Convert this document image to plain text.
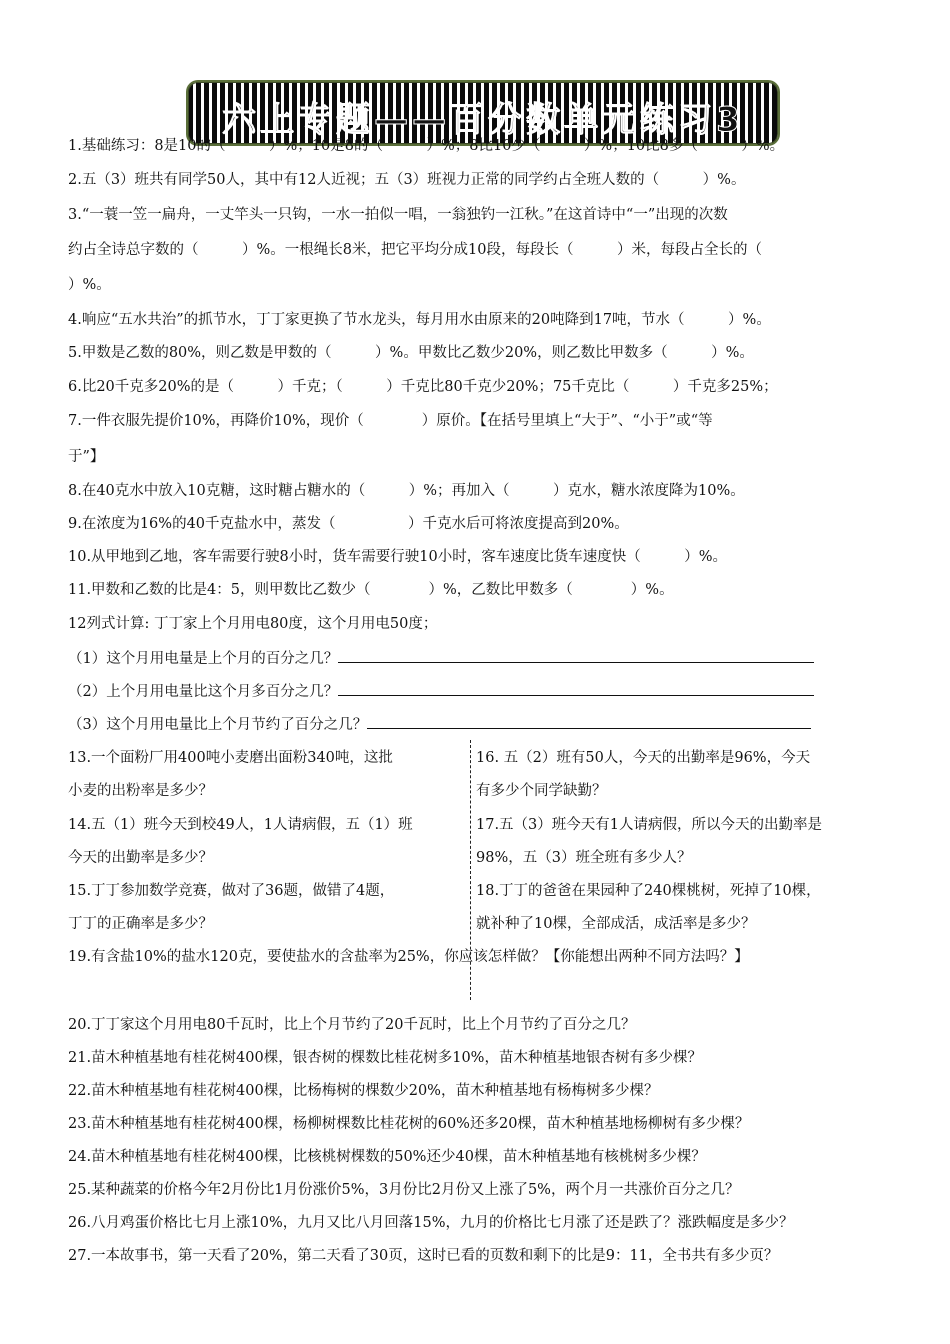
六上专题——百分数单元练习3
1.基础练习：8是10的（　　　）%；10是8的（　　　）%；8比10少（　　　）%；10比8多（　　　）%。
2.五（3）班共有同学50人，其中有12人近视；五（3）班视力正常的同学约占全班人数的（　　　）%。
3.“一蓑一笠一扁舟，一丈竿头一只钩，一水一拍似一唱，一翁独钓一江秋。”在这首诗中“一”出现的次数
约占全诗总字数的（　　　）%。一根绳长8米，把它平均分成10段，每段长（　　　）米，每段占全长的（
）%。
4.响应“五水共治”的抓节水，丁丁家更换了节水龙头，每月用水由原来的20吨降到17吨，节水（　　　）%。
5.甲数是乙数的80%，则乙数是甲数的（　　　）%。甲数比乙数少20%，则乙数比甲数多（　　　）%。
6.比20千克多20%的是（　　　）千克；（　　　）千克比80千克少20%；75千克比（　　　）千克多25%；
7.一件衣服先提价10%，再降价10%，现价（　　　　）原价。【在括号里填上“大于”、“小于”或“等
于”】
8.在40克水中放入10克糖，这时糖占糖水的（　　　）%；再加入（　　　）克水，糖水浓度降为10%。
9.在浓度为16%的40千克盐水中，蒸发（　　　　　）千克水后可将浓度提高到20%。
10.从甲地到乙地，客车需要行驶8小时，货车需要行驶10小时，客车速度比货车速度快（　　　）%。
11.甲数和乙数的比是4：5，则甲数比乙数少（　　　　）%，乙数比甲数多（　　　　）%。
12列式计算: 丁丁家上个月用电80度，这个月用电50度；
（1）这个月用电量是上个月的百分之几？
（2）上个月用电量比这个月多百分之几？
（3）这个月用电量比上个月节约了百分之几？
13.一个面粉厂用400吨小麦磨出面粉340吨，这批
小麦的出粉率是多少？
16. 五（2）班有50人，今天的出勤率是96%，今天
有多少个同学缺勤？
14.五（1）班今天到校49人，1人请病假，五（1）班
今天的出勤率是多少？
17.五（3）班今天有1人请病假，所以今天的出勤率是
98%，五（3）班全班有多少人？
15.丁丁参加数学竞赛，做对了36题，做错了4题，
丁丁的正确率是多少？
18.丁丁的爸爸在果园种了240棵桃树，死掉了10棵，
就补种了10棵，全部成活，成活率是多少？
19.有含盐10%的盐水120克，要使盐水的含盐率为25%，你应该怎样做？【你能想出两种不同方法吗？】
20.丁丁家这个月用电80千瓦时，比上个月节约了20千瓦时，比上个月节约了百分之几？
21.苗木种植基地有桂花树400棵，银杏树的棵数比桂花树多10%，苗木种植基地银杏树有多少棵？
22.苗木种植基地有桂花树400棵，比杨梅树的棵数少20%，苗木种植基地有杨梅树多少棵？
23.苗木种植基地有桂花树400棵，杨柳树棵数比桂花树的60%还多20棵，苗木种植基地杨柳树有多少棵？
24.苗木种植基地有桂花树400棵，比核桃树棵数的50%还少40棵，苗木种植基地有核桃树多少棵？
25.某种蔬菜的价格今年2月份比1月份涨价5%，3月份比2月份又上涨了5%，两个月一共涨价百分之几？
26.八月鸡蛋价格比七月上涨10%，九月又比八月回落15%，九月的价格比七月涨了还是跌了？涨跌幅度是多少？
27.一本故事书，第一天看了20%，第二天看了30页，这时已看的页数和剩下的比是9：11，全书共有多少页？
